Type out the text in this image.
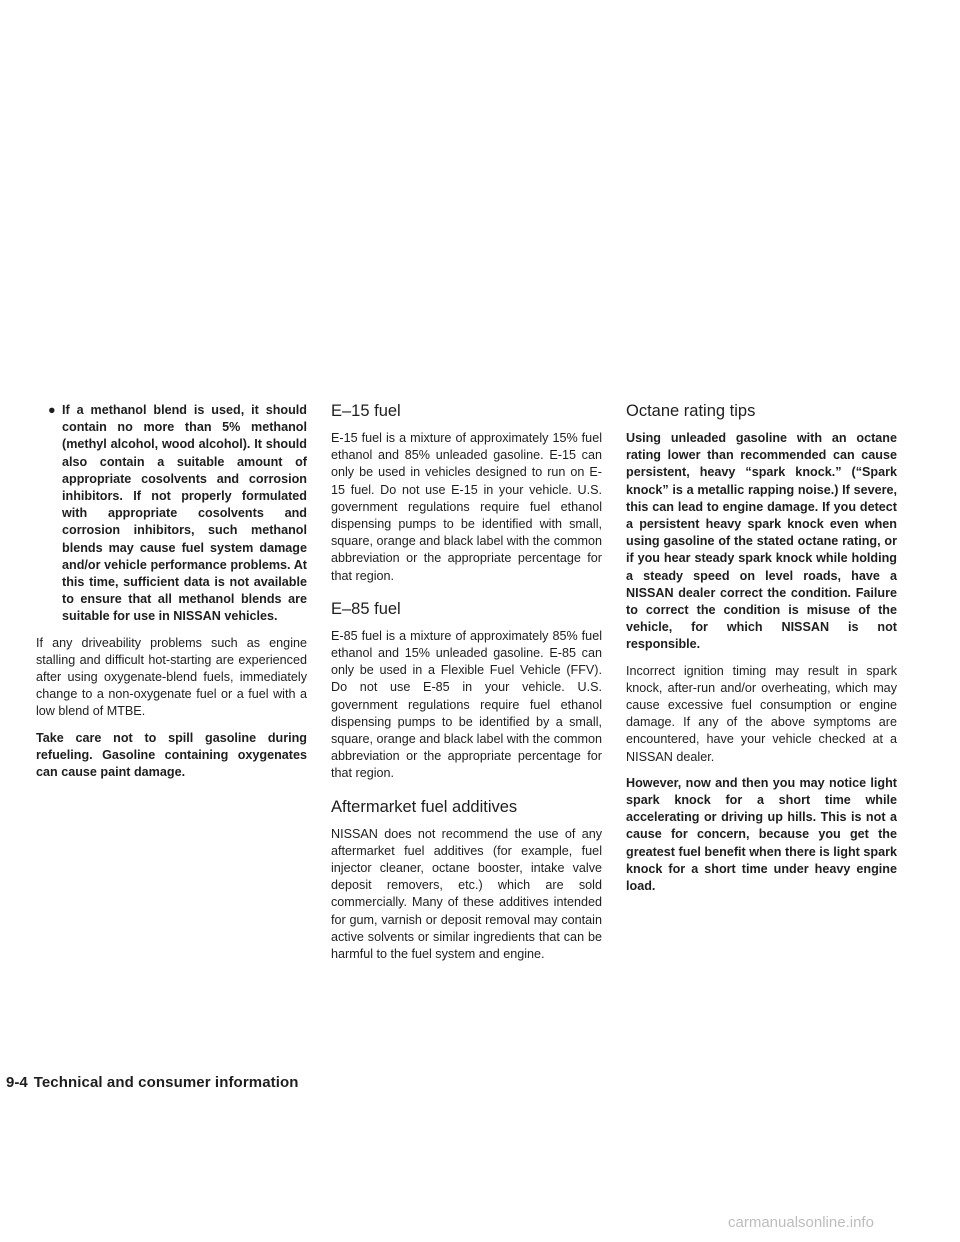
● If a methanol blend is used, it should contain no more than 5% methanol (methyl alcohol, wood alcohol). It should also contain a suitable amount of appropriate cosolvents and corrosion inhibitors. If not properly formulated with appropriate cosolvents and corrosion inhibitors, such methanol blends may cause fuel system damage and/or vehicle performance problems. At this time, sufficient data is not available to ensure that all methanol blends are suitable for use in NISSAN vehicles.

If any driveability problems such as engine stalling and difficult hot-starting are experienced after using oxygenate-blend fuels, immediately change to a non-oxygenate fuel or a fuel with a low blend of MTBE.

Take care not to spill gasoline during refueling. Gasoline containing oxygenates can cause paint damage.

E–15 fuel

E-15 fuel is a mixture of approximately 15% fuel ethanol and 85% unleaded gasoline. E-15 can only be used in vehicles designed to run on E-15 fuel. Do not use E-15 in your vehicle. U.S. government regulations require fuel ethanol dispensing pumps to be identified with small, square, orange and black label with the common abbreviation or the appropriate percentage for that region.

E–85 fuel

E-85 fuel is a mixture of approximately 85% fuel ethanol and 15% unleaded gasoline. E-85 can only be used in a Flexible Fuel Vehicle (FFV). Do not use E-85 in your vehicle. U.S. government regulations require fuel ethanol dispensing pumps to be identified by a small, square, orange and black label with the common abbreviation or the appropriate percentage for that region.

Aftermarket fuel additives

NISSAN does not recommend the use of any aftermarket fuel additives (for example, fuel injector cleaner, octane booster, intake valve deposit removers, etc.) which are sold commercially. Many of these additives intended for gum, varnish or deposit removal may contain active solvents or similar ingredients that can be harmful to the fuel system and engine.

Octane rating tips

Using unleaded gasoline with an octane rating lower than recommended can cause persistent, heavy “spark knock.” (“Spark knock” is a metallic rapping noise.) If severe, this can lead to engine damage. If you detect a persistent heavy spark knock even when using gasoline of the stated octane rating, or if you hear steady spark knock while holding a steady speed on level roads, have a NISSAN dealer correct the condition. Failure to correct the condition is misuse of the vehicle, for which NISSAN is not responsible.

Incorrect ignition timing may result in spark knock, after-run and/or overheating, which may cause excessive fuel consumption or engine damage. If any of the above symptoms are encountered, have your vehicle checked at a NISSAN dealer.

However, now and then you may notice light spark knock for a short time while accelerating or driving up hills. This is not a cause for concern, because you get the greatest fuel benefit when there is light spark knock for a short time under heavy engine load.

9-4 Technical and consumer information
carmanualsonline.info
